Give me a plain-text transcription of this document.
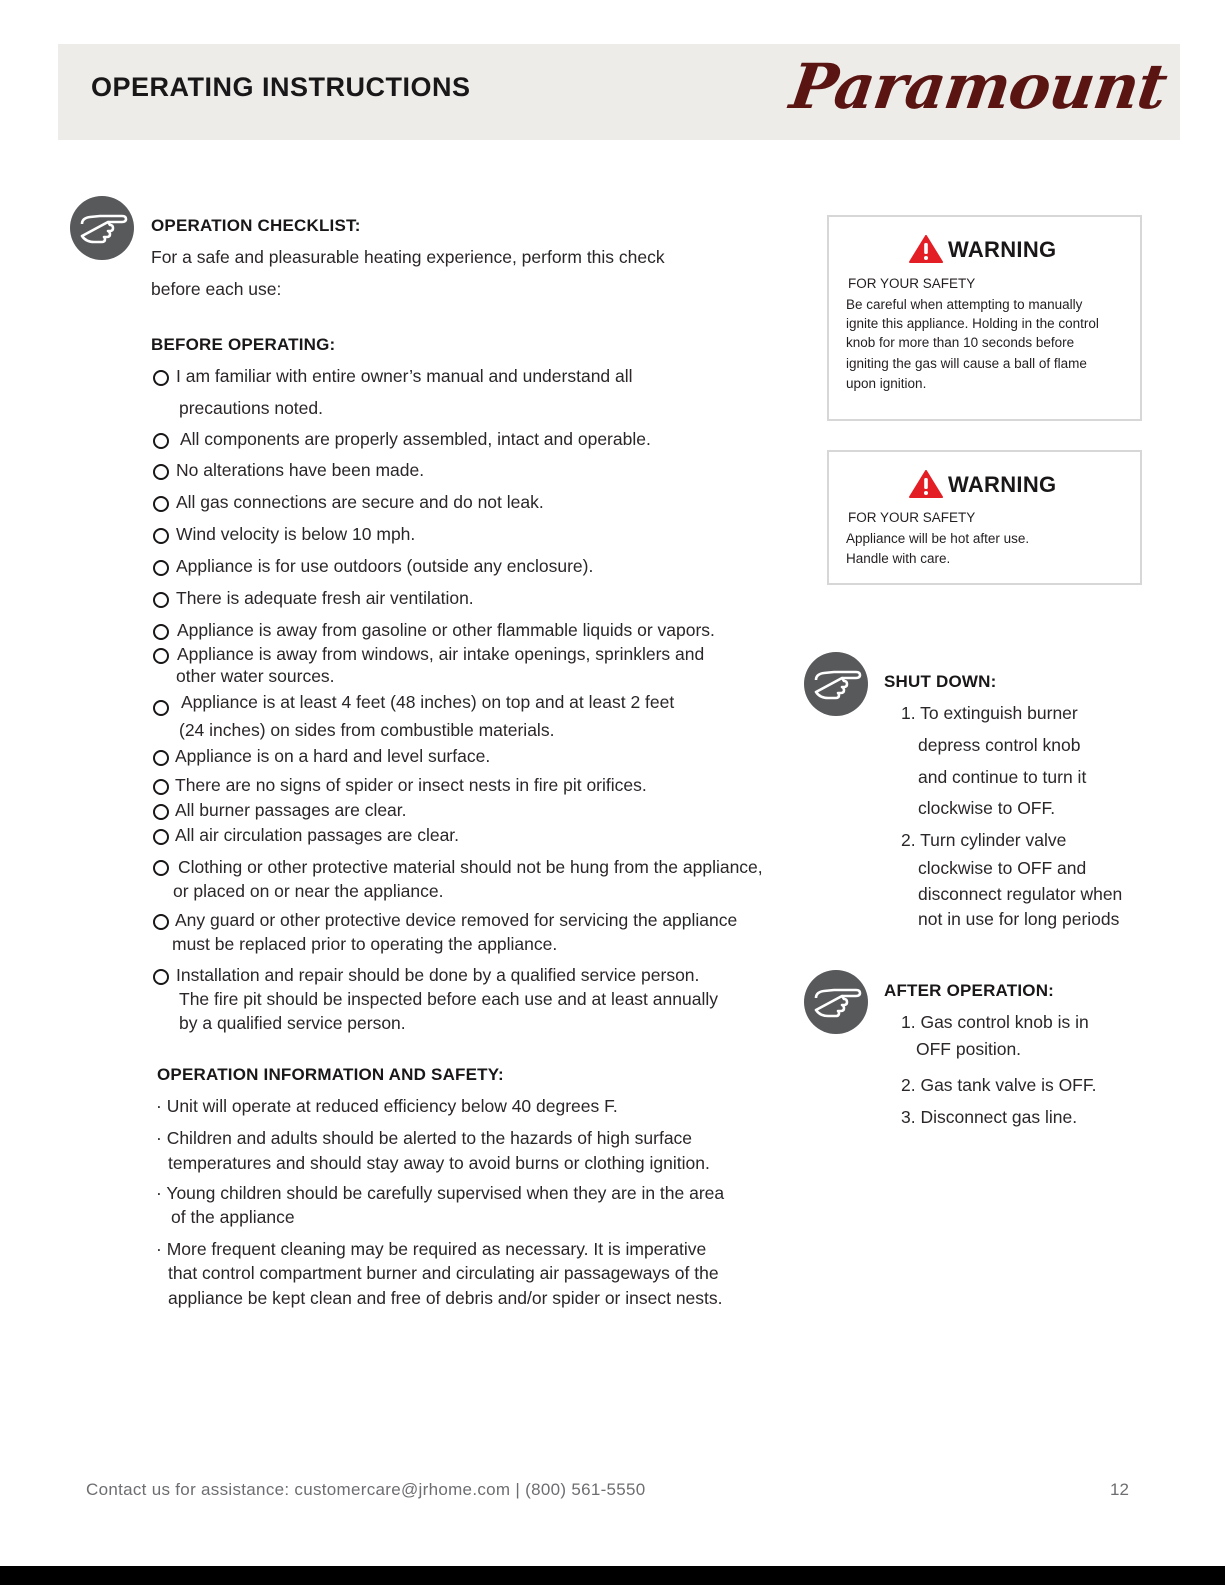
OPERATING INSTRUCTIONS	Paramount
OPERATION CHECKLIST:
For a safe and pleasurable heating experience, perform this check
before each use:
BEFORE OPERATING:
I am familiar with entire owner’s manual and understand all
precautions noted.
All components are properly assembled, intact and operable.
No alterations have been made.
All gas connections are secure and do not leak.
Wind velocity is below 10 mph.
Appliance is for use outdoors (outside any enclosure).
There is adequate fresh air ventilation.
Appliance is away from gasoline or other flammable liquids or vapors.
Appliance is away from windows, air intake openings, sprinklers and
other water sources.
Appliance is at least 4 feet (48 inches) on top and at least 2 feet
(24 inches) on sides from combustible materials.
Appliance is on a hard and level surface.
There are no signs of spider or insect nests in fire pit orifices.
All burner passages are clear.
All air circulation passages are clear.
Clothing or other protective material should not be hung from the appliance,
or placed on or near the appliance.
Any guard or other protective device removed for servicing the appliance
must be replaced prior to operating the appliance.
Installation and repair should be done by a qualified service person.
The fire pit should be inspected before each use and at least annually
by a qualified service person.
OPERATION INFORMATION AND SAFETY:
· Unit will operate at reduced efficiency below 40 degrees F.
· Children and adults should be alerted to the hazards of high surface
temperatures and should stay away to avoid burns or clothing ignition.
· Young children should be carefully supervised when they are in the area
of the appliance
· More frequent cleaning may be required as necessary. It is imperative
that control compartment burner and circulating air passageways of the
appliance be kept clean and free of debris and/or spider or insect nests.
WARNING
FOR YOUR SAFETY
Be careful when attempting to manually
ignite this appliance. Holding in the control
knob for more than 10 seconds before
igniting the gas will cause a ball of flame
upon ignition.
WARNING
FOR YOUR SAFETY
Appliance will be hot after use.
Handle with care.
SHUT DOWN:
1. To extinguish burner
depress control knob
and continue to turn it
clockwise to OFF.
2. Turn cylinder valve
clockwise to OFF and
disconnect regulator when
not in use for long periods
AFTER OPERATION:
1. Gas control knob is in
OFF position.
2. Gas tank valve is OFF.
3. Disconnect gas line.
Contact us for assistance: customercare@jrhome.com | (800) 561-5550	12
